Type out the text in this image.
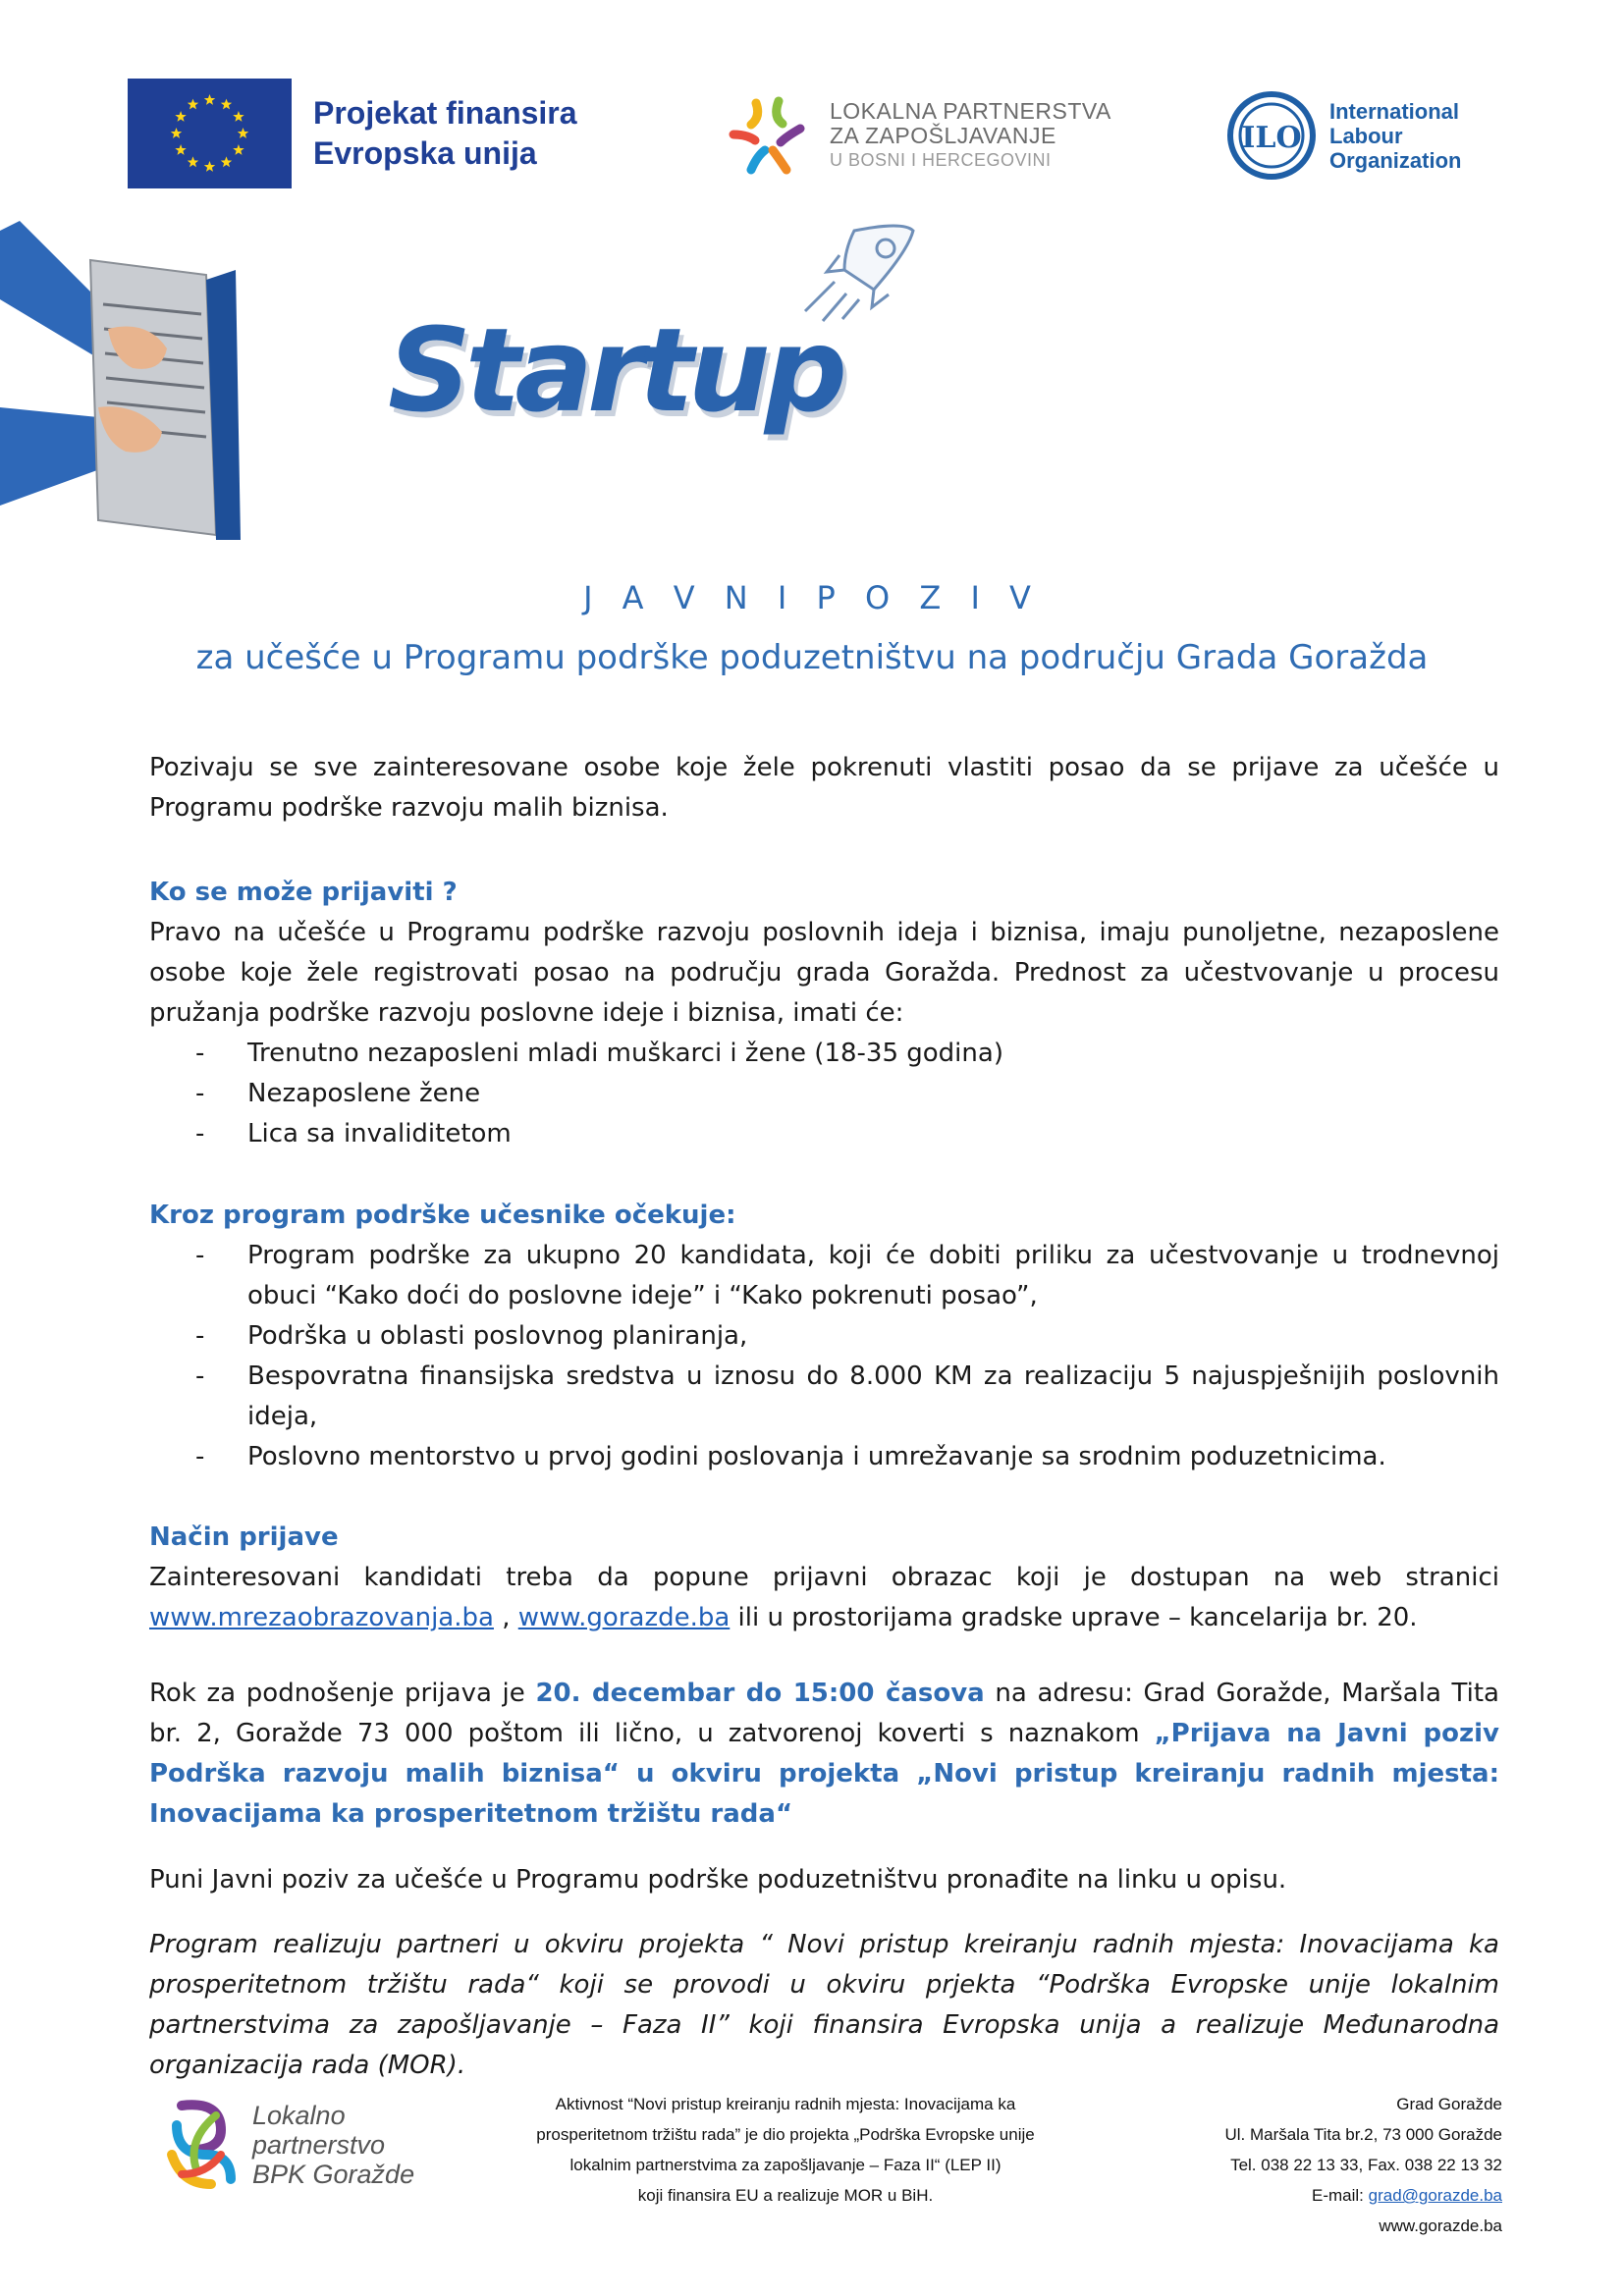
Projekat finansira
Evropska unija
LOKALNA PARTNERSTVA
ZA ZAPOŠLJAVANJE
U BOSNI I HERCEGOVINI
ILO
International
Labour
Organization
Startup
J A V N I P O Z I V
za učešće u Programu podrške poduzetništvu na području Grada Goražda
Pozivaju se sve zainteresovane osobe koje žele pokrenuti vlastiti posao da se prijave za učešće u Programu podrške razvoju malih biznisa.
Ko se može prijaviti ?
Pravo na učešće u Programu podrške razvoju poslovnih ideja i biznisa, imaju punoljetne, nezaposlene osobe koje žele registrovati posao na području grada Goražda. Prednost za učestvovanje u procesu pružanja podrške razvoju poslovne ideje i biznisa, imati će:
- Trenutno nezaposleni mladi muškarci i žene (18-35 godina)
- Nezaposlene žene
- Lica sa invaliditetom
Kroz program podrške učesnike očekuje:
- Program podrške za ukupno 20 kandidata, koji će dobiti priliku za učestvovanje u trodnevnoj obuci “Kako doći do poslovne ideje” i “Kako pokrenuti posao”,
- Podrška u oblasti poslovnog planiranja,
- Bespovratna finansijska sredstva u iznosu do 8.000 KM za realizaciju 5 najuspješnijih poslovnih ideja,
- Poslovno mentorstvo u prvoj godini poslovanja i umrežavanje sa srodnim poduzetnicima.
Način prijave
Zainteresovani kandidati treba da popune prijavni obrazac koji je dostupan na web stranici www.mrezaobrazovanja.ba , www.gorazde.ba ili u prostorijama gradske uprave – kancelarija br. 20.
Rok za podnošenje prijava je 20. decembar do 15:00 časova na adresu: Grad Goražde, Maršala Tita br. 2, Goražde 73 000 poštom ili lično, u zatvorenoj koverti s naznakom „Prijava na Javni poziv Podrška razvoju malih biznisa“ u okviru projekta „Novi pristup kreiranju radnih mjesta: Inovacijama ka prosperitetnom tržištu rada“
Puni Javni poziv za učešće u Programu podrške poduzetništvu pronađite na linku u opisu.
Program realizuju partneri u okviru projekta “ Novi pristup kreiranju radnih mjesta: Inovacijama ka prosperitetnom tržištu rada“ koji se provodi u okviru prjekta “Podrška Evropske unije lokalnim partnerstvima za zapošljavanje – Faza II” koji finansira Evropska unija a realizuje Međunarodna organizacija rada (MOR).
Lokalno
partnerstvo
BPK Goražde
Aktivnost “Novi pristup kreiranju radnih mjesta: Inovacijama ka
prosperitetnom tržištu rada” je dio projekta „Podrška Evropske unije
lokalnim partnerstvima za zapošljavanje – Faza II“ (LEP II)
koji finansira EU a realizuje MOR u BiH.
Grad Goražde
Ul. Maršala Tita br.2, 73 000 Goražde
Tel. 038 22 13 33, Fax. 038 22 13 32
E-mail: grad@gorazde.ba
www.gorazde.ba
